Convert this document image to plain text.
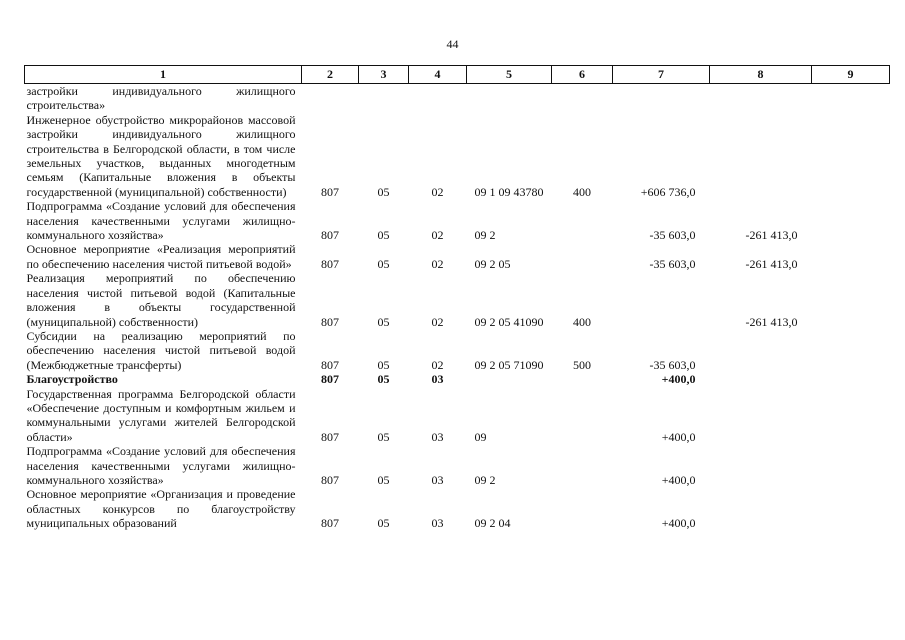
44
1	2	3	4	5	6	7	8	9
застройки индивидуального жилищного строительства»								
Инженерное обустройство микрорайонов массовой застройки индивидуального жилищного строительства в Белгородской области, в том числе земельных участков, выданных многодетным семьям (Капитальные вложения в объекты государственной (муниципальной) собственности)	807	05	02	09 1 09 43780	400	+606 736,0		
Подпрограмма «Создание условий для обеспечения населения качественными услугами жилищно-коммунального хозяйства»	807	05	02	09 2		-35 603,0	-261 413,0	
Основное мероприятие «Реализация мероприятий по обеспечению населения чистой питьевой водой»	807	05	02	09 2 05		-35 603,0	-261 413,0	
Реализация мероприятий по обеспечению населения чистой питьевой водой (Капитальные вложения в объекты государственной (муниципальной) собственности)	807	05	02	09 2 05 41090	400		-261 413,0	
Субсидии на реализацию мероприятий по обеспечению населения чистой питьевой водой (Межбюджетные трансферты)	807	05	02	09 2 05 71090	500	-35 603,0		
Благоустройство	807	05	03			+400,0		
Государственная программа Белгородской области «Обеспечение доступным и комфортным жильем и коммунальными услугами жителей Белгородской области»	807	05	03	09		+400,0		
Подпрограмма «Создание условий для обеспечения населения качественными услугами жилищно-коммунального хозяйства»	807	05	03	09 2		+400,0		
Основное мероприятие «Организация и проведение областных конкурсов по благоустройству муниципальных образований	807	05	03	09 2 04		+400,0		
